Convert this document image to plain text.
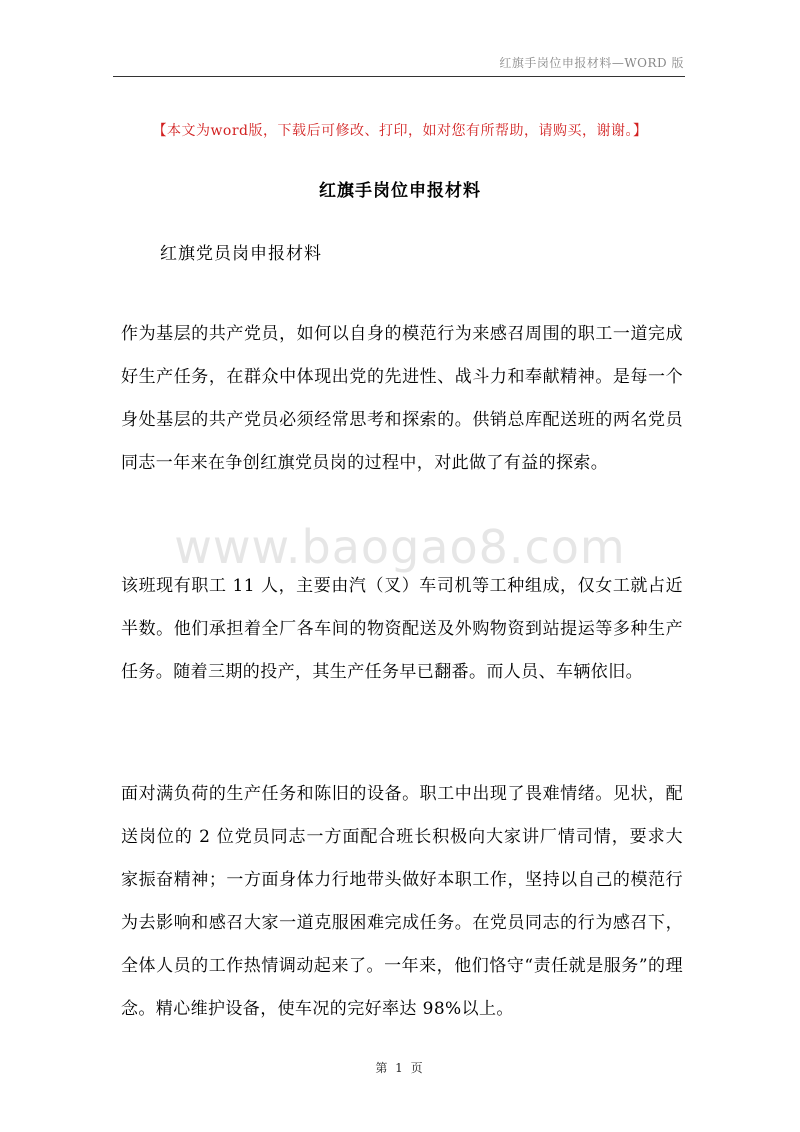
红旗手岗位申报材料—WORD 版
【本文为word版，下载后可修改、打印，如对您有所帮助，请购买，谢谢。】
红旗手岗位申报材料
红旗党员岗申报材料
作为基层的共产党员，如何以自身的模范行为来感召周围的职工一道完成好生产任务，在群众中体现出党的先进性、战斗力和奉献精神。是每一个身处基层的共产党员必须经常思考和探索的。供销总库配送班的两名党员同志一年来在争创红旗党员岗的过程中，对此做了有益的探索。
www.baogao8.com
该班现有职工 11 人，主要由汽（叉）车司机等工种组成，仅女工就占近半数。他们承担着全厂各车间的物资配送及外购物资到站提运等多种生产任务。随着三期的投产，其生产任务早已翻番。而人员、车辆依旧。
面对满负荷的生产任务和陈旧的设备。职工中出现了畏难情绪。见状，配送岗位的 2 位党员同志一方面配合班长积极向大家讲厂情司情，要求大家振奋精神；一方面身体力行地带头做好本职工作，坚持以自己的模范行为去影响和感召大家一道克服困难完成任务。在党员同志的行为感召下，全体人员的工作热情调动起来了。一年来，他们恪守“责任就是服务”的理念。精心维护设备，使车况的完好率达 98%以上。
第 1 页
